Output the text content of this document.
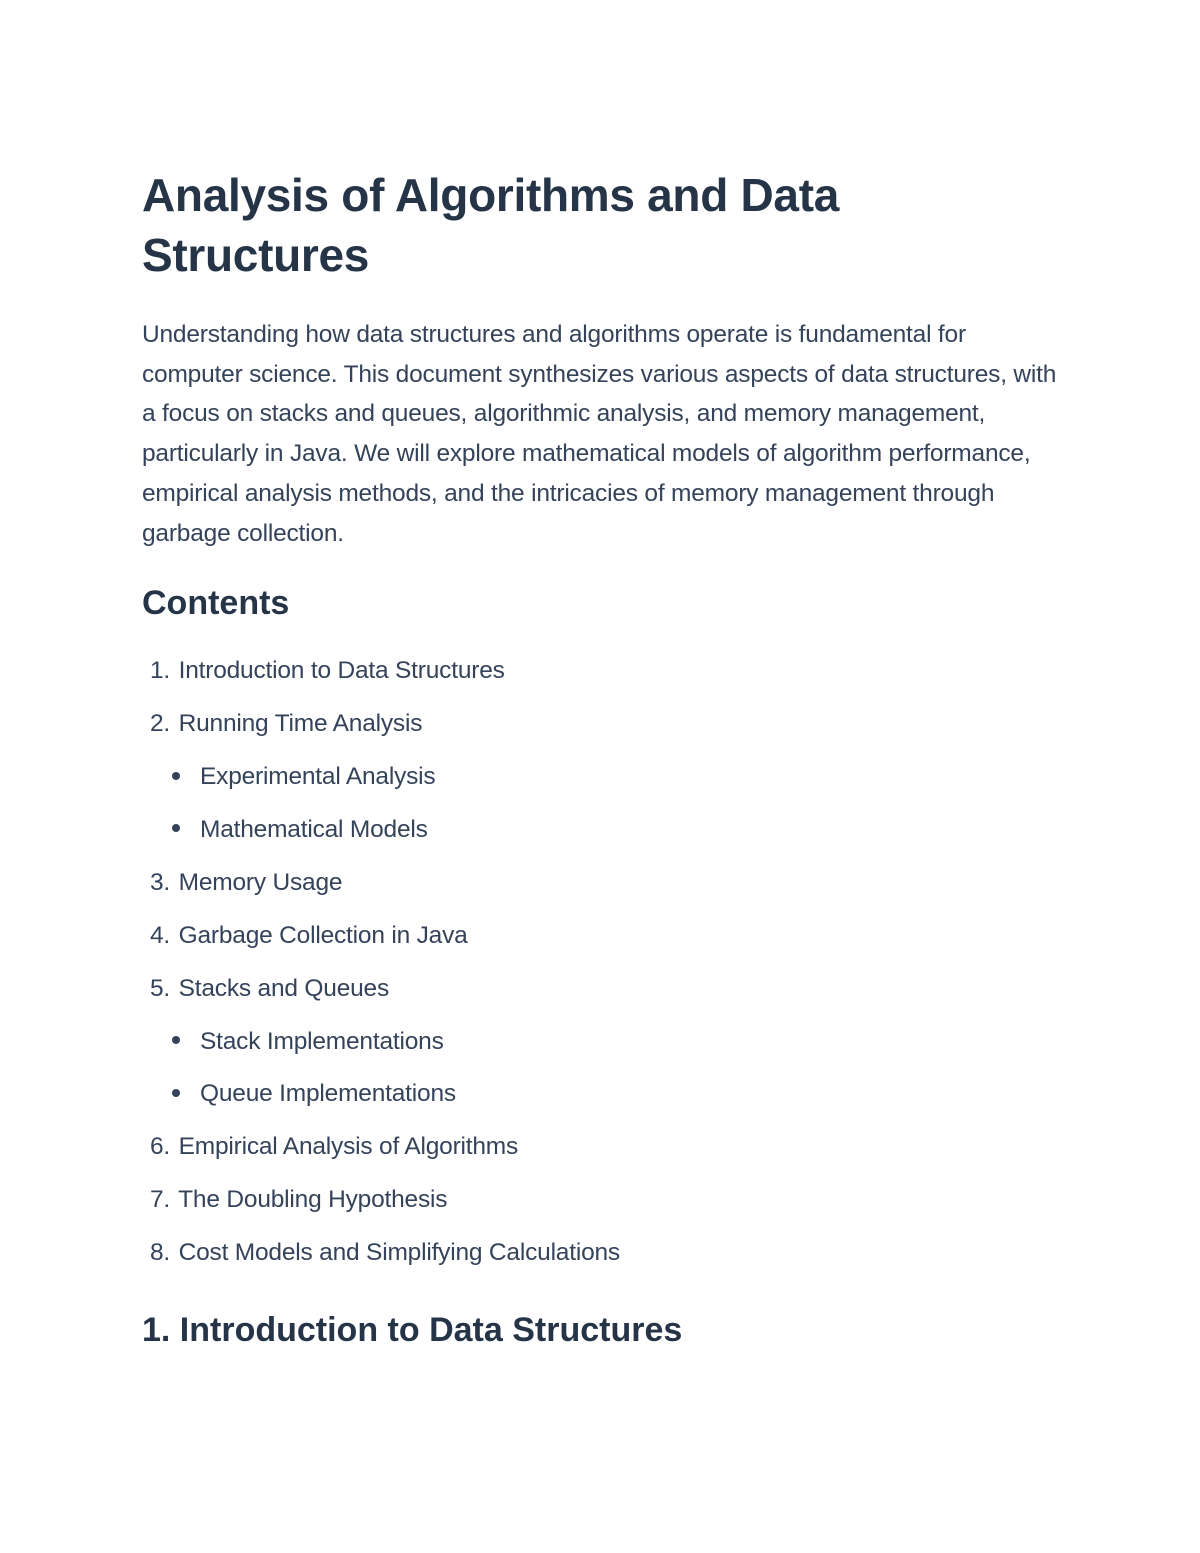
Analysis of Algorithms and Data Structures

Understanding how data structures and algorithms operate is fundamental for computer science. This document synthesizes various aspects of data structures, with a focus on stacks and queues, algorithmic analysis, and memory management, particularly in Java. We will explore mathematical models of algorithm performance, empirical analysis methods, and the intricacies of memory management through garbage collection.

Contents
1. Introduction to Data Structures
2. Running Time Analysis
Experimental Analysis
Mathematical Models
3. Memory Usage
4. Garbage Collection in Java
5. Stacks and Queues
Stack Implementations
Queue Implementations
6. Empirical Analysis of Algorithms
7. The Doubling Hypothesis
8. Cost Models and Simplifying Calculations
1. Introduction to Data Structures
